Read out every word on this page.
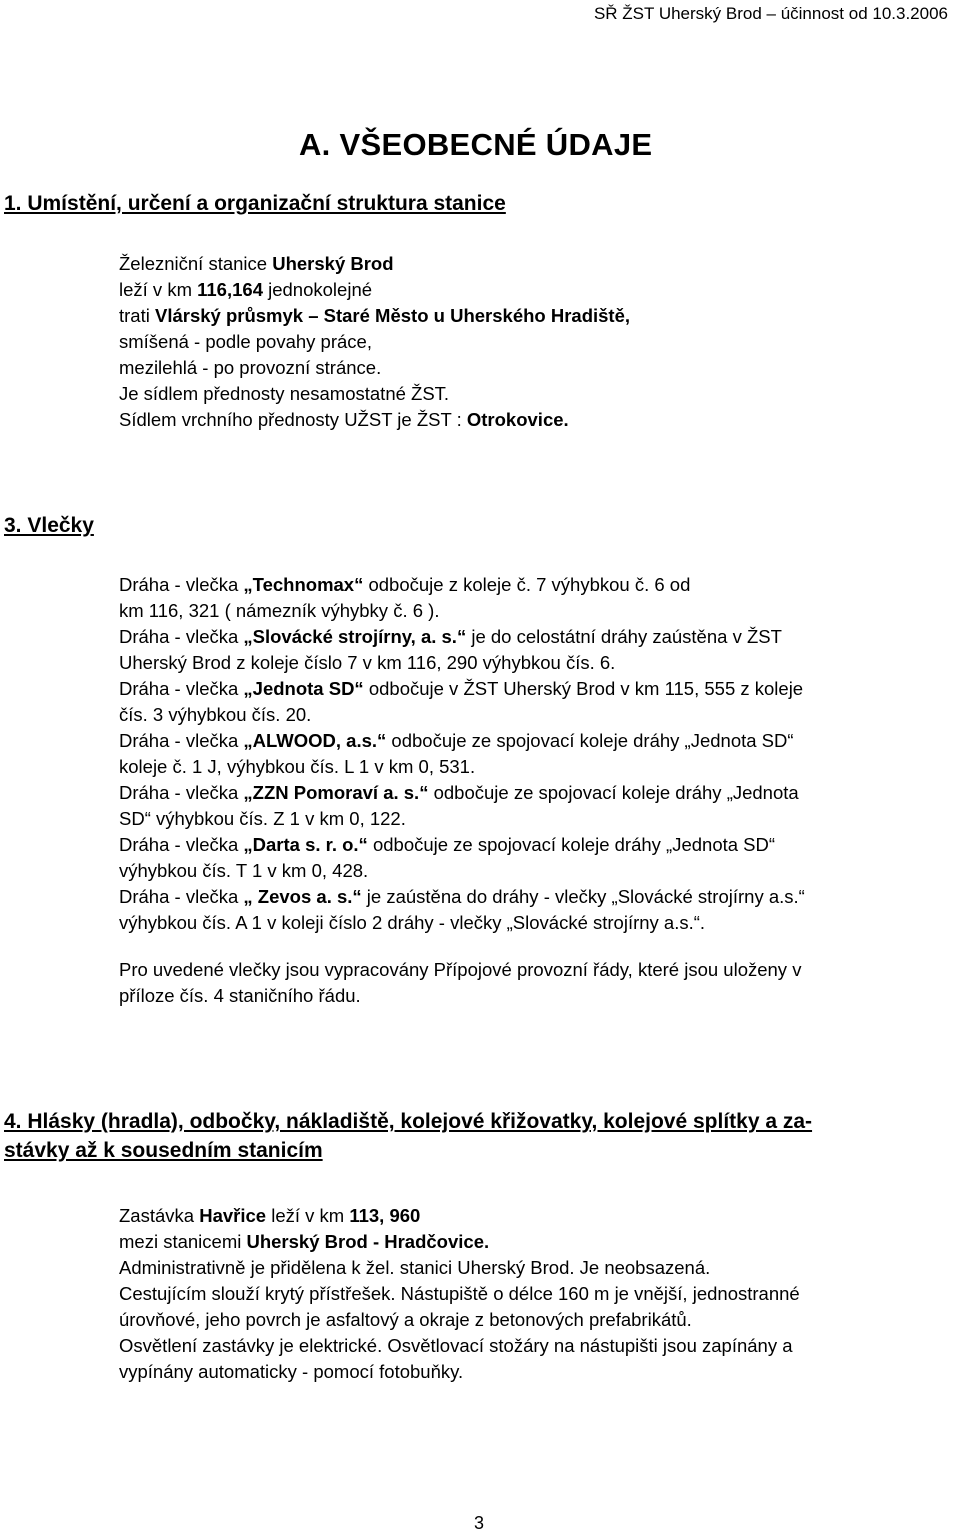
SŘ ŽST Uherský Brod – účinnost od 10.3.2006
A. VŠEOBECNÉ ÚDAJE
1. Umístění, určení a organizační struktura stanice
Železniční stanice Uherský Brod
leží v km 116,164 jednokolejné
trati Vlárský průsmyk – Staré Město u Uherského Hradiště,
smíšená - podle povahy práce,
mezilehlá - po provozní stránce.
Je sídlem přednosty nesamostatné ŽST.
Sídlem vrchního přednosty UŽST je ŽST : Otrokovice.
3. Vlečky
Dráha - vlečka „Technomax“ odbočuje z koleje č. 7 výhybkou č. 6 od
km 116, 321 ( námezník výhybky č. 6 ).
Dráha - vlečka „Slovácké strojírny, a. s.“ je do celostátní dráhy zaústěna v ŽST
Uherský Brod z koleje číslo 7 v km 116, 290 výhybkou čís. 6.
Dráha - vlečka „Jednota SD“ odbočuje v ŽST Uherský Brod v km 115, 555 z koleje
čís. 3 výhybkou čís. 20.
Dráha - vlečka „ALWOOD, a.s.“ odbočuje ze spojovací koleje dráhy „Jednota SD“
koleje č. 1 J, výhybkou čís. L 1 v km 0, 531.
Dráha - vlečka „ZZN Pomoraví a. s.“ odbočuje ze spojovací koleje dráhy „Jednota
SD“ výhybkou čís. Z 1 v km 0, 122.
Dráha - vlečka „Darta s. r. o.“ odbočuje ze spojovací koleje dráhy „Jednota SD“
výhybkou čís. T 1 v km 0, 428.
Dráha - vlečka „ Zevos a. s.“ je zaústěna do dráhy - vlečky „Slovácké strojírny a.s.“
výhybkou čís. A 1 v koleji číslo 2 dráhy - vlečky „Slovácké strojírny a.s.“.
Pro uvedené vlečky jsou vypracovány Přípojové provozní řády, které jsou uloženy v
příloze čís. 4 staničního řádu.
4. Hlásky (hradla), odbočky, nákladiště, kolejové křižovatky, kolejové splítky a za-
stávky až k sousedním stanicím
Zastávka Havřice leží v km 113, 960
mezi stanicemi Uherský Brod - Hradčovice.
Administrativně je přidělena k žel. stanici Uherský Brod. Je neobsazená.
Cestujícím slouží krytý přístřešek. Nástupiště o délce 160 m je vnější, jednostranné
úrovňové, jeho povrch je asfaltový a okraje z betonových prefabrikátů.
Osvětlení zastávky je elektrické. Osvětlovací stožáry na nástupišti jsou zapínány a
vypínány automaticky - pomocí fotobuňky.
3
